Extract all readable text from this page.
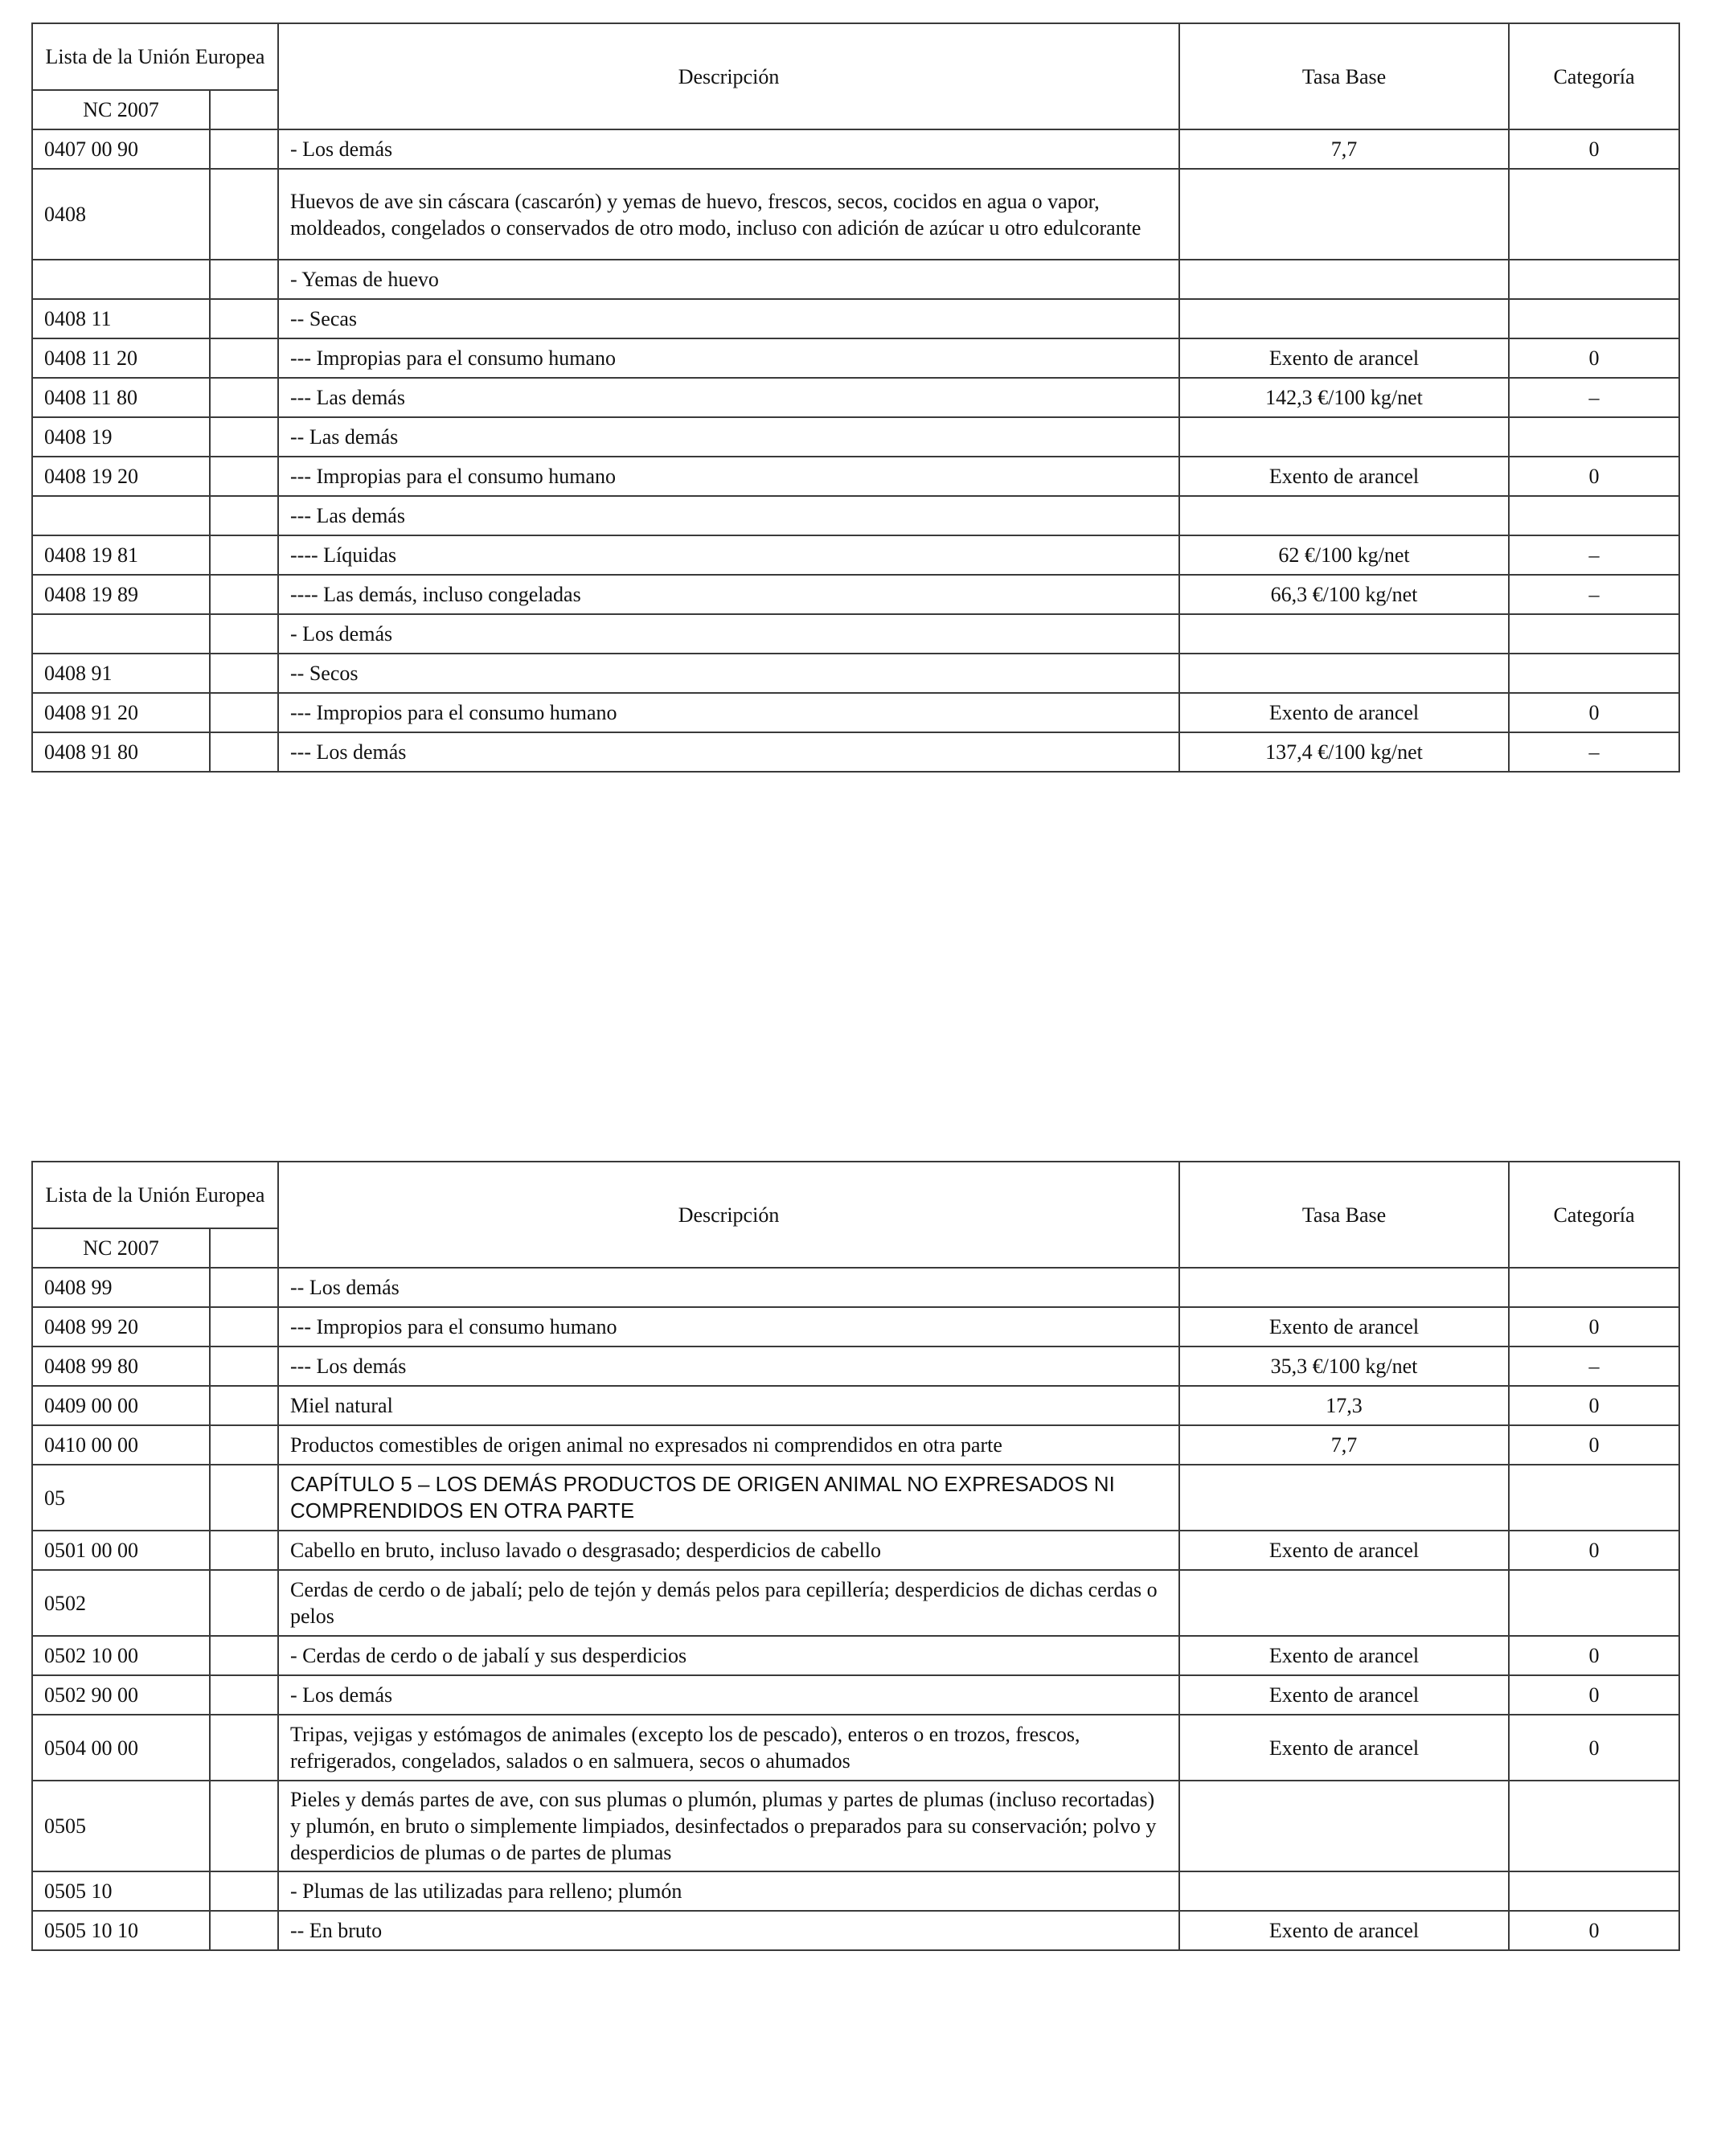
Lista de la Unión Europea		Descripción	Tasa Base	Categoría
NC 2007				
0407 00 90		- Los demás	7,7	0
0408		Huevos de ave sin cáscara (cascarón) y yemas de huevo, frescos, secos, cocidos en agua o vapor, moldeados, congelados o conservados de otro modo, incluso con adición de azúcar u otro edulcorante		
		- Yemas de huevo		
0408 11		-- Secas		
0408 11 20		--- Impropias para el consumo humano	Exento de arancel	0
0408 11 80		--- Las demás	142,3 €/100 kg/net	–
0408 19		-- Las demás		
0408 19 20		--- Impropias para el consumo humano	Exento de arancel	0
		--- Las demás		
0408 19 81		---- Líquidas	62 €/100 kg/net	–
0408 19 89		---- Las demás, incluso congeladas	66,3 €/100 kg/net	–
		- Los demás		
0408 91		-- Secos		
0408 91 20		--- Impropios para el consumo humano	Exento de arancel	0
0408 91 80		--- Los demás	137,4 €/100 kg/net	–
Lista de la Unión Europea		Descripción	Tasa Base	Categoría
NC 2007				
0408 99		-- Los demás		
0408 99 20		--- Impropios para el consumo humano	Exento de arancel	0
0408 99 80		--- Los demás	35,3 €/100 kg/net	–
0409 00 00		Miel natural	17,3	0
0410 00 00		Productos comestibles de origen animal no expresados ni comprendidos en otra parte	7,7	0
05		CAPÍTULO 5 – LOS DEMÁS PRODUCTOS DE ORIGEN ANIMAL NO EXPRESADOS NI COMPRENDIDOS EN OTRA PARTE		
0501 00 00		Cabello en bruto, incluso lavado o desgrasado; desperdicios de cabello	Exento de arancel	0
0502		Cerdas de cerdo o de jabalí; pelo de tejón y demás pelos para cepillería; desperdicios de dichas cerdas o pelos		
0502 10 00		- Cerdas de cerdo o de jabalí y sus desperdicios	Exento de arancel	0
0502 90 00		- Los demás	Exento de arancel	0
0504 00 00		Tripas, vejigas y estómagos de animales (excepto los de pescado), enteros o en trozos, frescos, refrigerados, congelados, salados o en salmuera, secos o ahumados	Exento de arancel	0
0505		Pieles y demás partes de ave, con sus plumas o plumón, plumas y partes de plumas (incluso recortadas) y plumón, en bruto o simplemente limpiados, desinfectados o preparados para su conservación; polvo y desperdicios de plumas o de partes de plumas		
0505 10		- Plumas de las utilizadas para relleno; plumón		
0505 10 10		-- En bruto	Exento de arancel	0
